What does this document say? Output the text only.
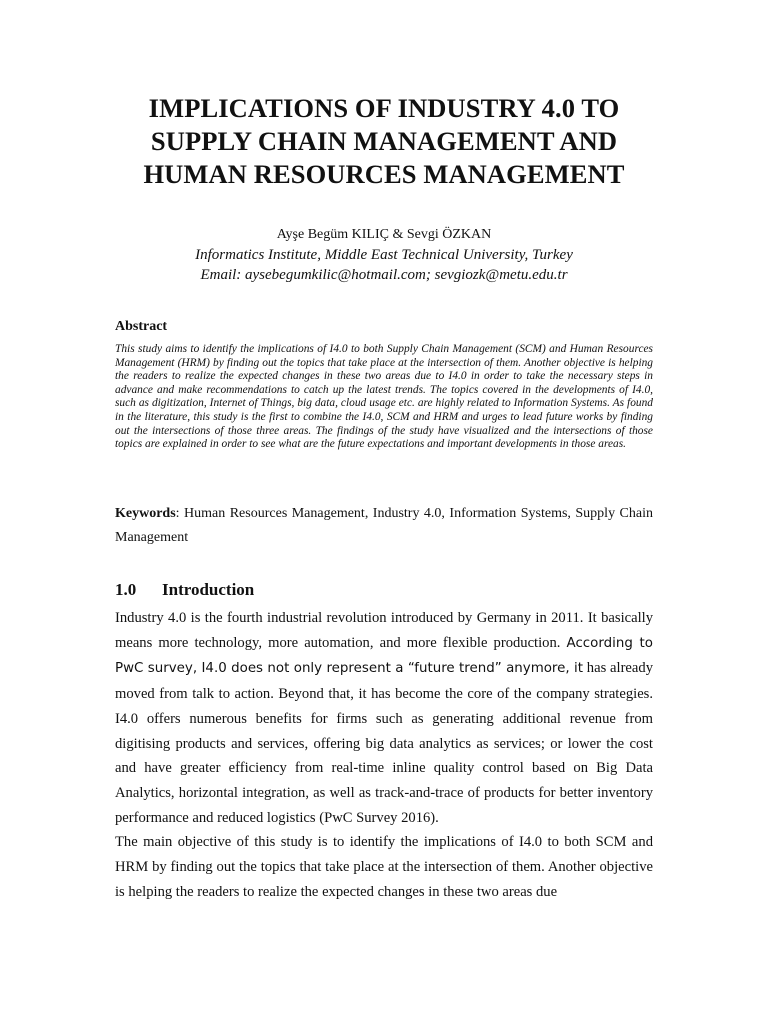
IMPLICATIONS OF INDUSTRY 4.0 TO
SUPPLY CHAIN MANAGEMENT AND
HUMAN RESOURCES MANAGEMENT
Ayşe Begüm KILIÇ & Sevgi ÖZKAN
Informatics Institute, Middle East Technical University, Turkey
Email: aysebegumkilic@hotmail.com; sevgiozk@metu.edu.tr
Abstract
This study aims to identify the implications of I4.0 to both Supply Chain Management (SCM) and Human Resources Management (HRM) by finding out the topics that take place at the intersection of them. Another objective is helping the readers to realize the expected changes in these two areas due to I4.0 in order to take the necessary steps in advance and make recommendations to catch up the latest trends. The topics covered in the developments of I4.0, such as digitization, Internet of Things, big data, cloud usage etc. are highly related to Information Systems. As found in the literature, this study is the first to combine the I4.0, SCM and HRM and urges to lead future works by finding out the intersections of those three areas. The findings of the study have visualized and the intersections of those topics are explained in order to see what are the future expectations and important developments in those areas.
Keywords: Human Resources Management, Industry 4.0, Information Systems, Supply Chain Management
1.0 Introduction

Industry 4.0 is the fourth industrial revolution introduced by Germany in 2011. It basically means more technology, more automation, and more flexible production. According to PwC survey, I4.0 does not only represent a “future trend” anymore, it has already moved from talk to action. Beyond that, it has become the core of the company strategies. I4.0 offers numerous benefits for firms such as generating additional revenue from digitising products and services, offering big data analytics as services; or lower the cost and have greater efficiency from real-time inline quality control based on Big Data Analytics, horizontal integration, as well as track-and-trace of products for better inventory performance and reduced logistics (PwC Survey 2016).

The main objective of this study is to identify the implications of I4.0 to both SCM and HRM by finding out the topics that take place at the intersection of them. Another objective is helping the readers to realize the expected changes in these two areas due
